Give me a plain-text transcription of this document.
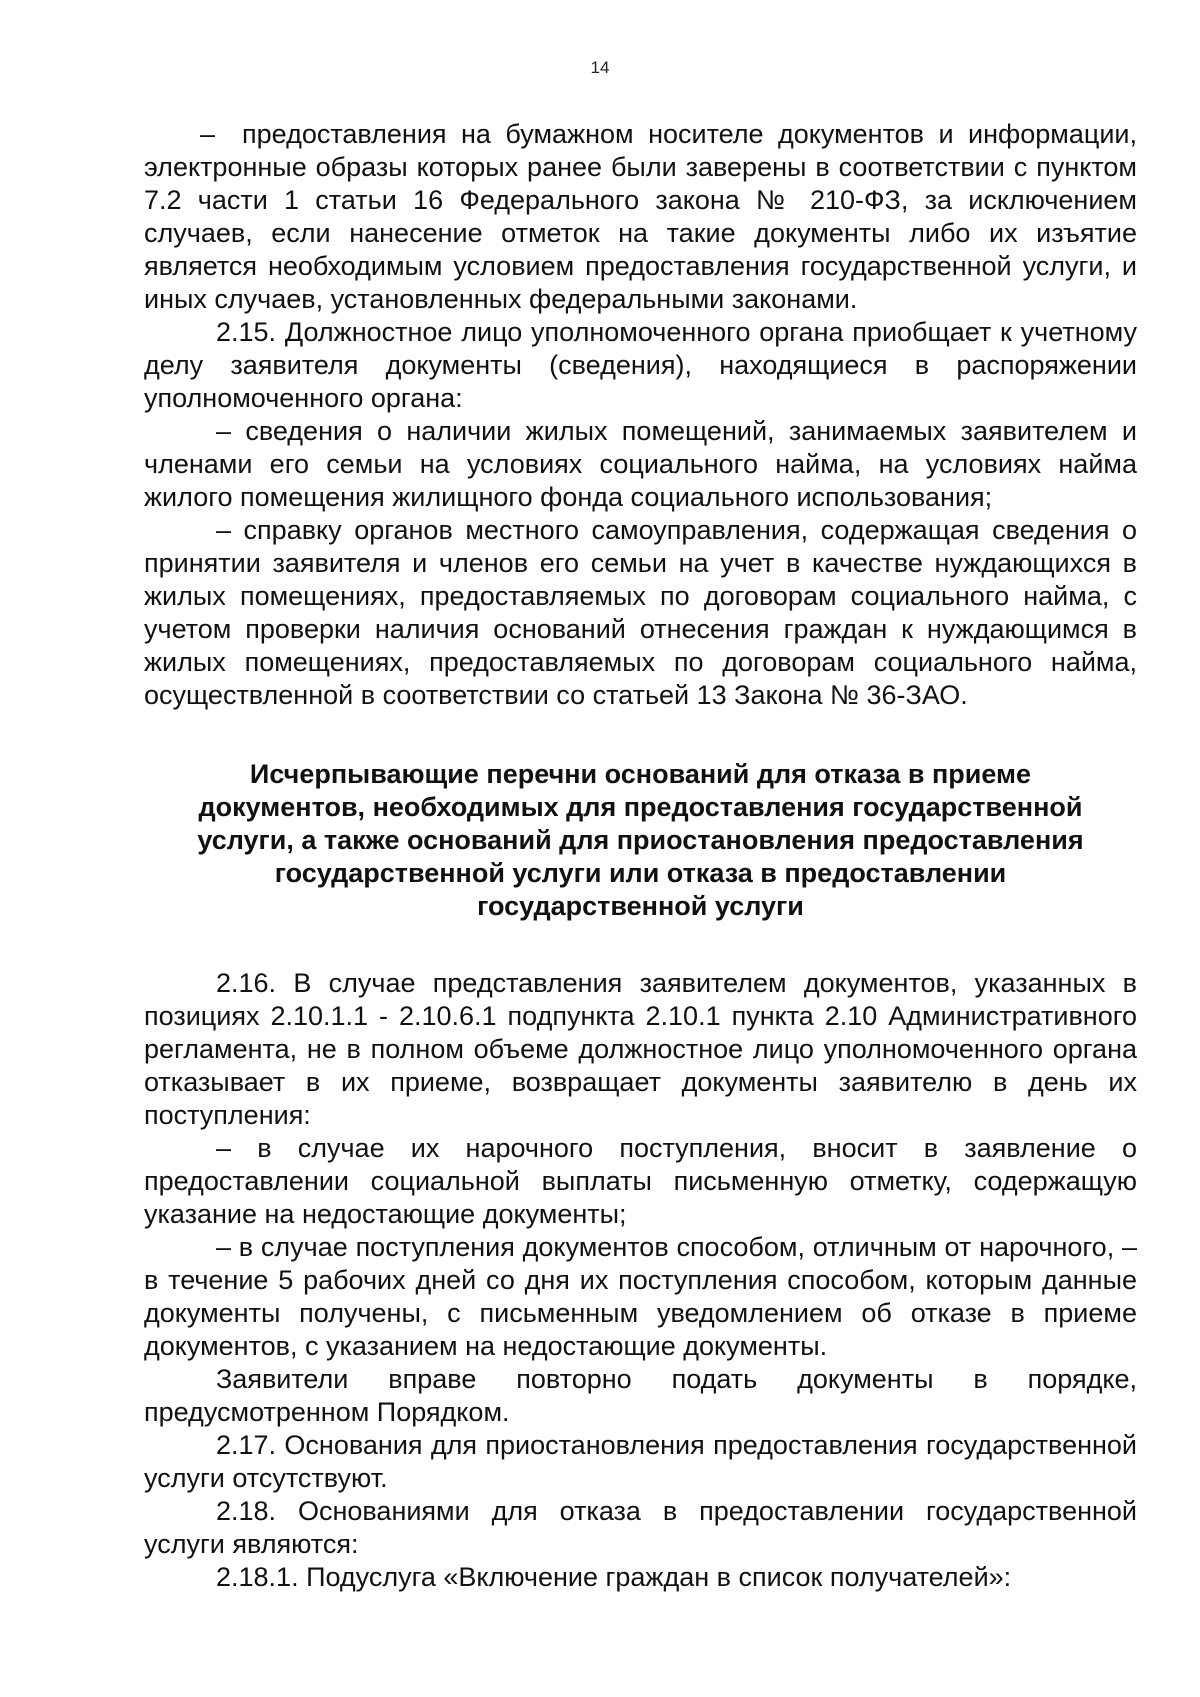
14

–  предоставления на бумажном носителе документов и информации, электронные образы которых ранее были заверены в соответствии с пунктом 7.2 части 1 статьи 16 Федерального закона № 210-ФЗ, за исключением случаев, если нанесение отметок на такие документы либо их изъятие является необходимым условием предоставления государственной услуги, и иных случаев, установленных федеральными законами.

2.15. Должностное лицо уполномоченного органа приобщает к учетному делу заявителя документы (сведения), находящиеся в распоряжении уполномоченного органа:

– сведения о наличии жилых помещений, занимаемых заявителем и членами его семьи на условиях социального найма, на условиях найма жилого помещения жилищного фонда социального использования;

– справку органов местного самоуправления, содержащая сведения о принятии заявителя и членов его семьи на учет в качестве нуждающихся в жилых помещениях, предоставляемых по договорам социального найма, с учетом проверки наличия оснований отнесения граждан к нуждающимся в жилых помещениях, предоставляемых по договорам социального найма, осуществленной в соответствии со статьей 13 Закона № 36-ЗАО.

Исчерпывающие перечни оснований для отказа в приеме документов, необходимых для предоставления государственной услуги, а также оснований для приостановления предоставления государственной услуги или отказа в предоставлении государственной услуги

2.16. В случае представления заявителем документов, указанных в позициях 2.10.1.1 - 2.10.6.1 подпункта 2.10.1 пункта 2.10 Административного регламента, не в полном объеме должностное лицо уполномоченного органа отказывает в их приеме, возвращает документы заявителю в день их поступления:

– в случае их нарочного поступления, вносит в заявление о предоставлении социальной выплаты письменную отметку, содержащую указание на недостающие документы;

– в случае поступления документов способом, отличным от нарочного, – в течение 5 рабочих дней со дня их поступления способом, которым данные документы получены, с письменным уведомлением об отказе в приеме документов, с указанием на недостающие документы.

Заявители вправе повторно подать документы в порядке, предусмотренном Порядком.

2.17. Основания для приостановления предоставления государственной услуги отсутствуют.

2.18. Основаниями для отказа в предоставлении государственной услуги являются:

2.18.1. Подуслуга «Включение граждан в список получателей»:
